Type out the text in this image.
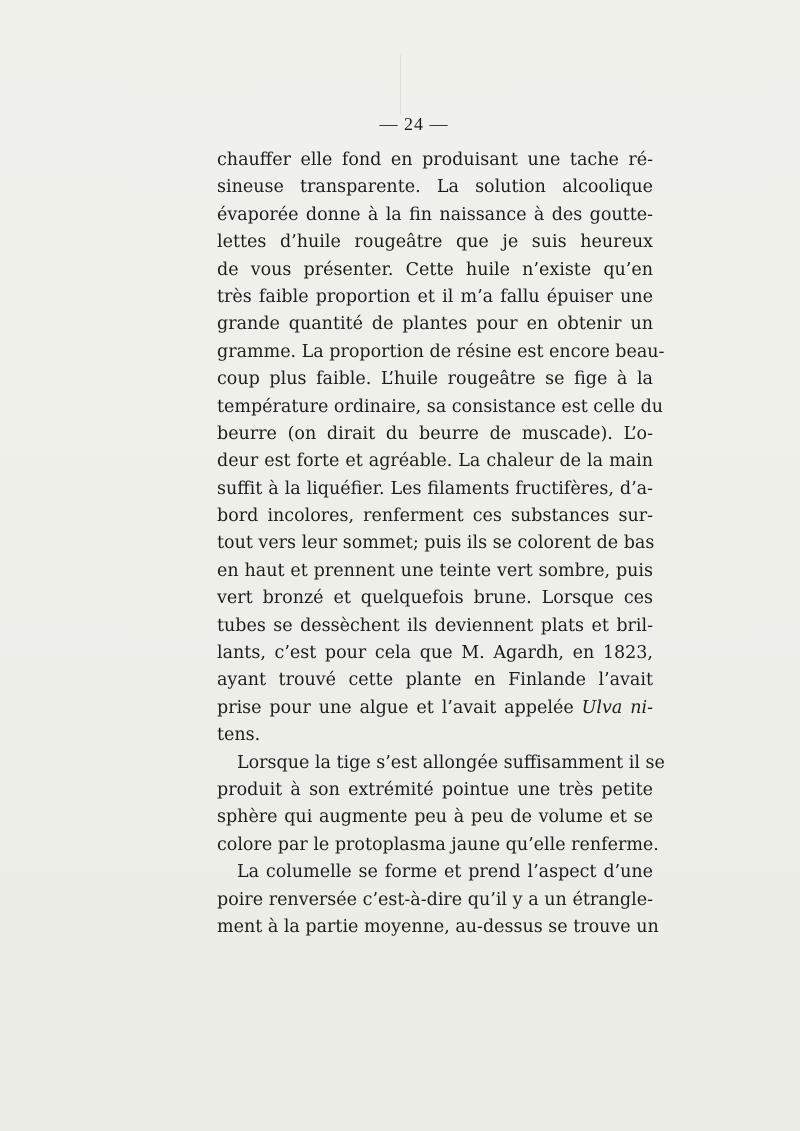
— 24 —
chauffer elle fond en produisant une tache ré-
sineuse transparente. La solution alcoolique
évaporée donne à la fin naissance à des goutte-
lettes d’huile rougeâtre que je suis heureux
de vous présenter. Cette huile n’existe qu’en
très faible proportion et il m’a fallu épuiser une
grande quantité de plantes pour en obtenir un
gramme. La proportion de résine est encore beau-
coup plus faible. L’huile rougeâtre se fige à la
température ordinaire, sa consistance est celle du
beurre (on dirait du beurre de muscade). L’o-
deur est forte et agréable. La chaleur de la main
suffit à la liquéfier. Les filaments fructifères, d’a-
bord incolores, renferment ces substances sur-
tout vers leur sommet; puis ils se colorent de bas
en haut et prennent une teinte vert sombre, puis
vert bronzé et quelquefois brune. Lorsque ces
tubes se dessèchent ils deviennent plats et bril-
lants, c’est pour cela que M. Agardh, en 1823,
ayant trouvé cette plante en Finlande l’avait
prise pour une algue et l’avait appelée Ulva ni-
tens.
Lorsque la tige s’est allongée suffisamment il se
produit à son extrémité pointue une très petite
sphère qui augmente peu à peu de volume et se
colore par le protoplasma jaune qu’elle renferme.
La columelle se forme et prend l’aspect d’une
poire renversée c’est-à-dire qu’il y a un étrangle-
ment à la partie moyenne, au-dessus se trouve un
